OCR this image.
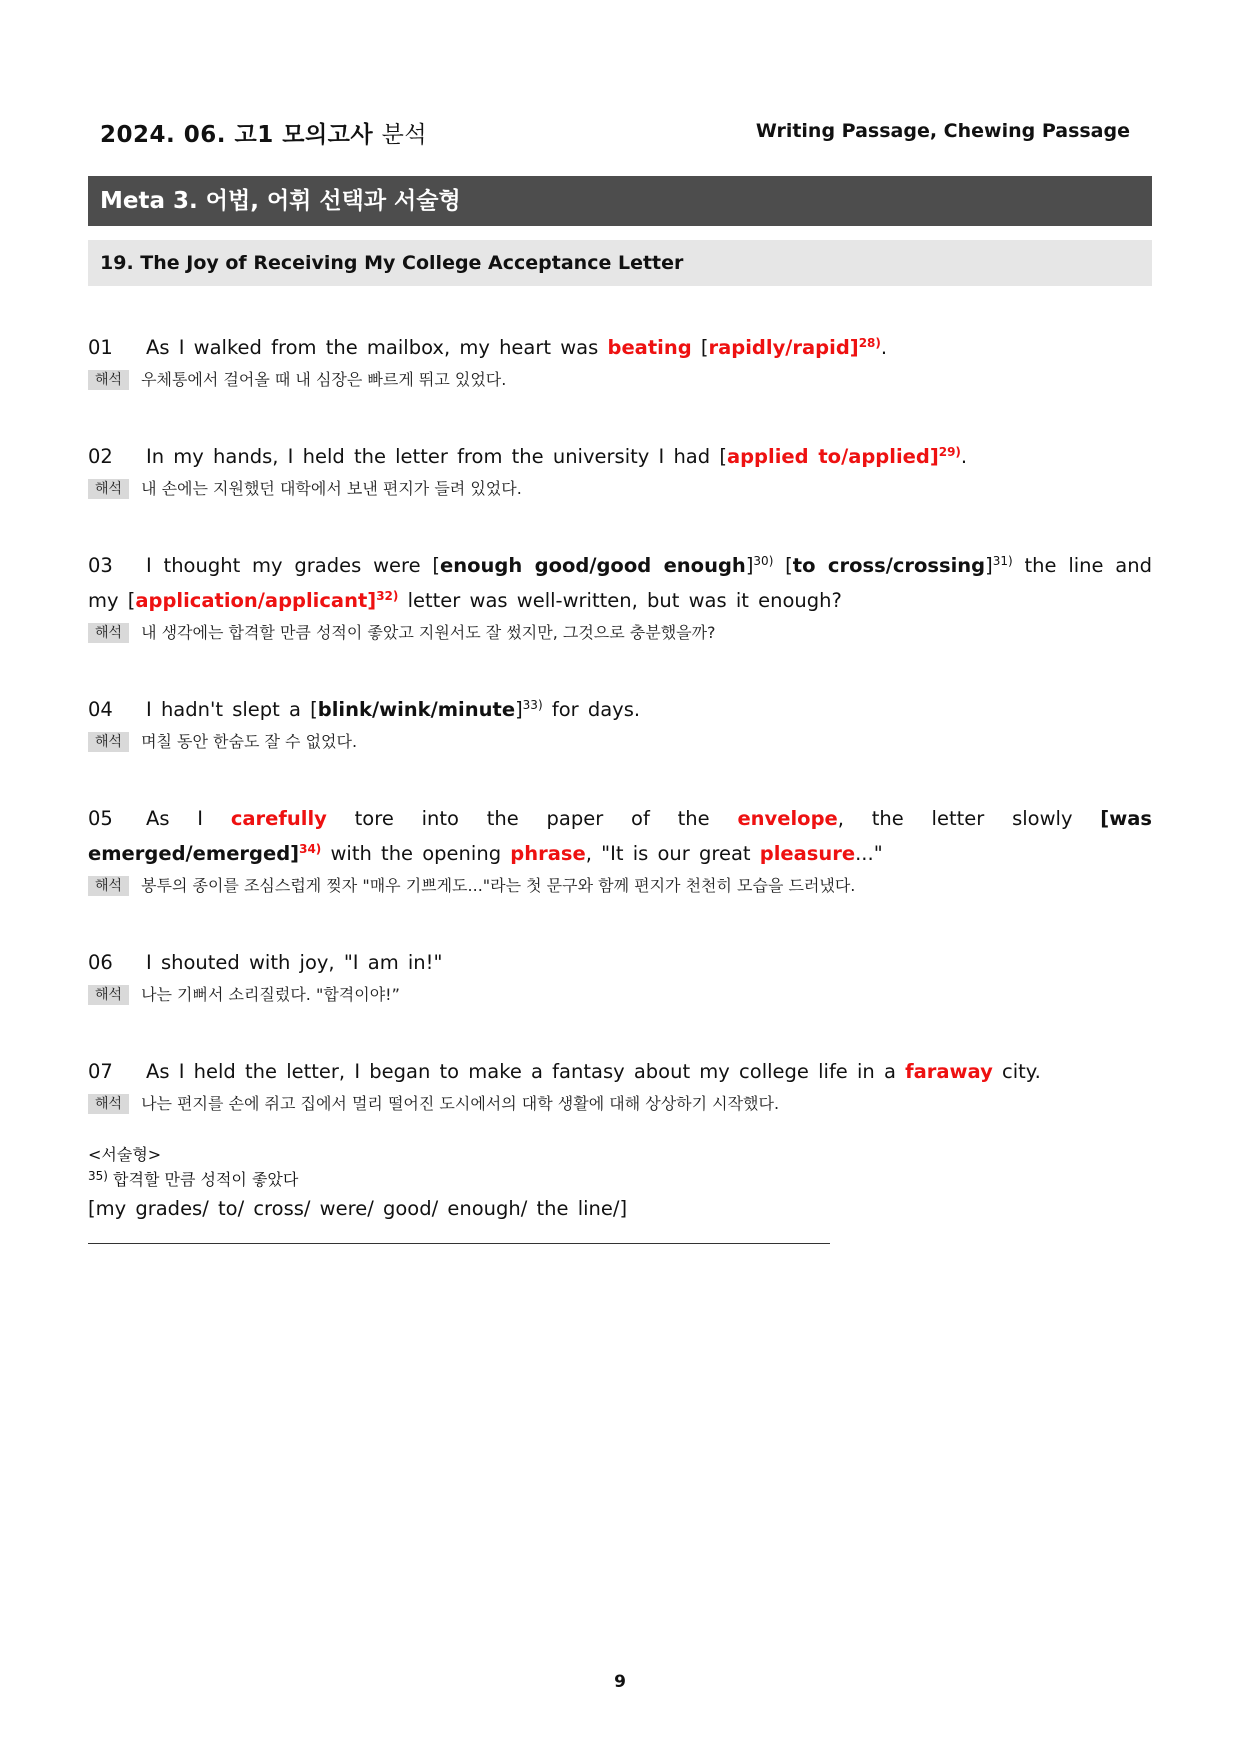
2024. 06. 고1 모의고사 분석	Writing Passage, Chewing Passage
Meta 3. 어법, 어휘 선택과 서술형
19. The Joy of Receiving My College Acceptance Letter
01 As I walked from the mailbox, my heart was beating [rapidly/rapid]$^{28)}$.
해석 우체통에서 걸어올 때 내 심장은 빠르게 뛰고 있었다.
02 In my hands, I held the letter from the university I had [applied to/applied]$^{29)}$.
해석 내 손에는 지원했던 대학에서 보낸 편지가 들려 있었다.
03 I thought my grades were [enough good/good enough]$^{30)}$ [to cross/crossing]$^{31)}$ the line and my [application/applicant]$^{32)}$ letter was well-written, but was it enough?
해석 내 생각에는 합격할 만큼 성적이 좋았고 지원서도 잘 썼지만, 그것으로 충분했을까?
04 I hadn't slept a [blink/wink/minute]$^{33)}$ for days.
해석 며칠 동안 한숨도 잘 수 없었다.
05 As I carefully tore into the paper of the envelope, the letter slowly [was emerged/emerged]$^{34)}$ with the opening phrase, "It is our great pleasure..."
해석 봉투의 종이를 조심스럽게 찢자 "매우 기쁘게도..."라는 첫 문구와 함께 편지가 천천히 모습을 드러냈다.
06 I shouted with joy, "I am in!"
해석 나는 기뻐서 소리질렀다. "합격이야!”
07 As I held the letter, I began to make a fantasy about my college life in a faraway city.
해석 나는 편지를 손에 쥐고 집에서 멀리 떨어진 도시에서의 대학 생활에 대해 상상하기 시작했다.
<서술형>
$^{35)}$ 합격할 만큼 성적이 좋았다
[my grades/ to/ cross/ were/ good/ enough/ the line/]
9
